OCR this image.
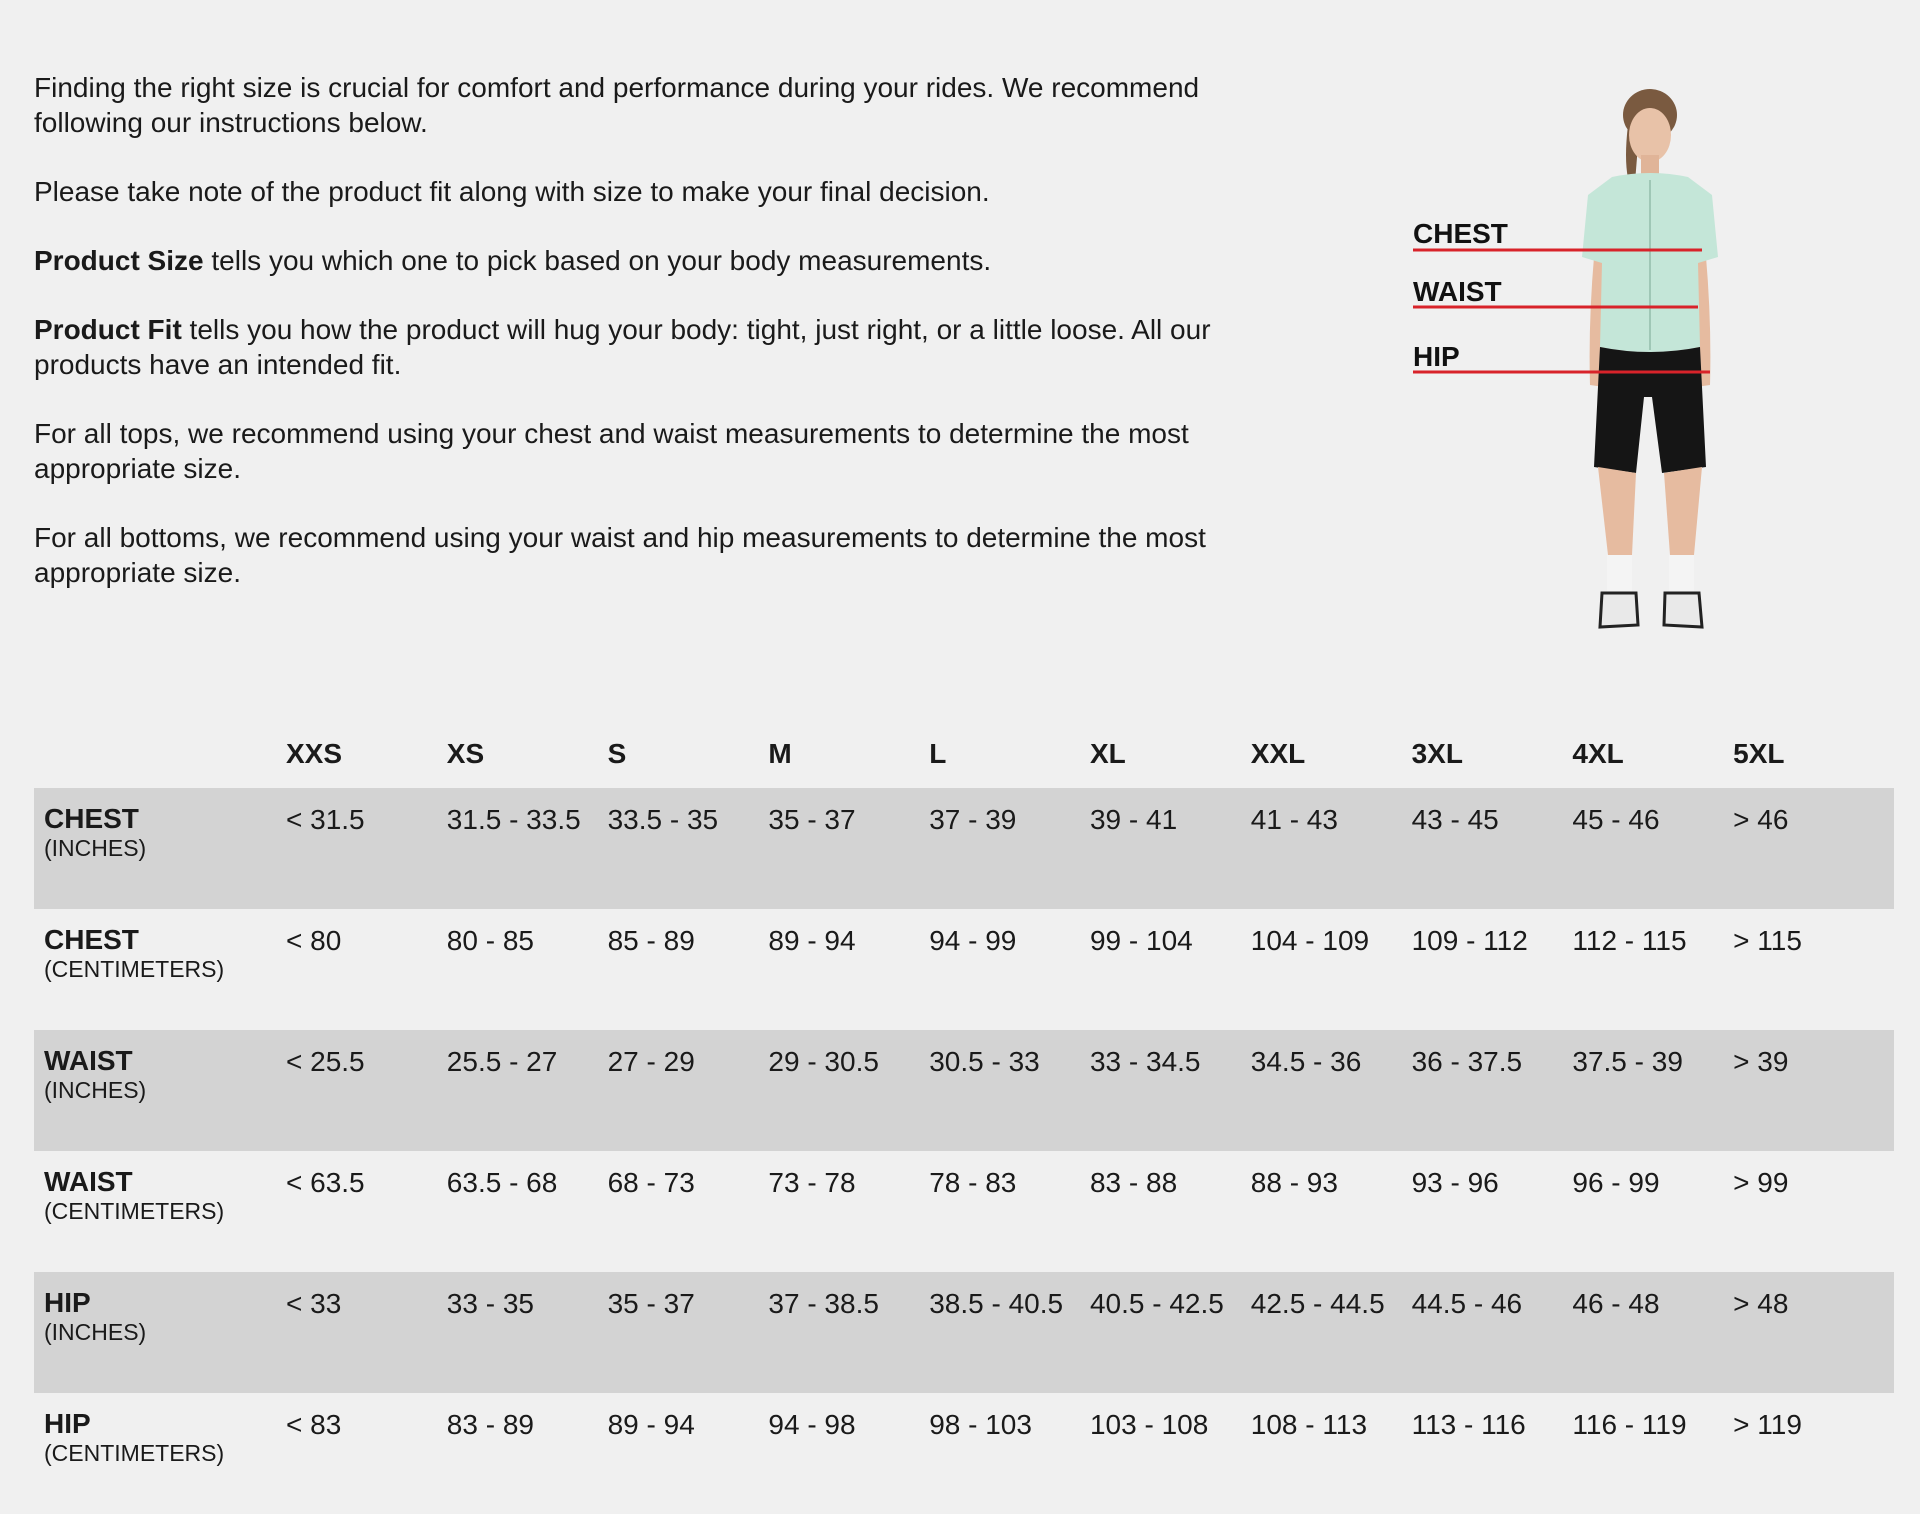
Finding the right size is crucial for comfort and performance during your rides. We recommend following our instructions below.

Please take note of the product fit along with size to make your final decision.

Product Size tells you which one to pick based on your body measurements.

Product Fit tells you how the product will hug your body: tight, just right, or a little loose. All our products have an intended fit.

For all tops, we recommend using your chest and waist measurements to determine the most appropriate size.

For all bottoms, we recommend using your waist and hip measurements to determine the most appropriate size.

CHEST
WAIST
HIP
	XXS	XS	S	M	L	XL	XXL	3XL	4XL	5XL

CHEST
(INCHES)	< 31.5	31.5 - 33.5	33.5 - 35	35 - 37	37 - 39	39 - 41	41 - 43	43 - 45	45 - 46	> 46

CHEST
(CENTIMETERS)	< 80	80 - 85	85 - 89	89 - 94	94 - 99	99 - 104	104 - 109	109 - 112	112 - 115	> 115

WAIST
(INCHES)	< 25.5	25.5 - 27	27 - 29	29 - 30.5	30.5 - 33	33 - 34.5	34.5 - 36	36 - 37.5	37.5 - 39	> 39

WAIST
(CENTIMETERS)	< 63.5	63.5 - 68	68 - 73	73 - 78	78 - 83	83 - 88	88 - 93	93 - 96	96 - 99	> 99

HIP
(INCHES)	< 33	33 - 35	35 - 37	37 - 38.5	38.5 - 40.5	40.5 - 42.5	42.5 - 44.5	44.5 - 46	46 - 48	> 48

HIP
(CENTIMETERS)	< 83	83 - 89	89 - 94	94 - 98	98 - 103	103 - 108	108 - 113	113 - 116	116 - 119	> 119
